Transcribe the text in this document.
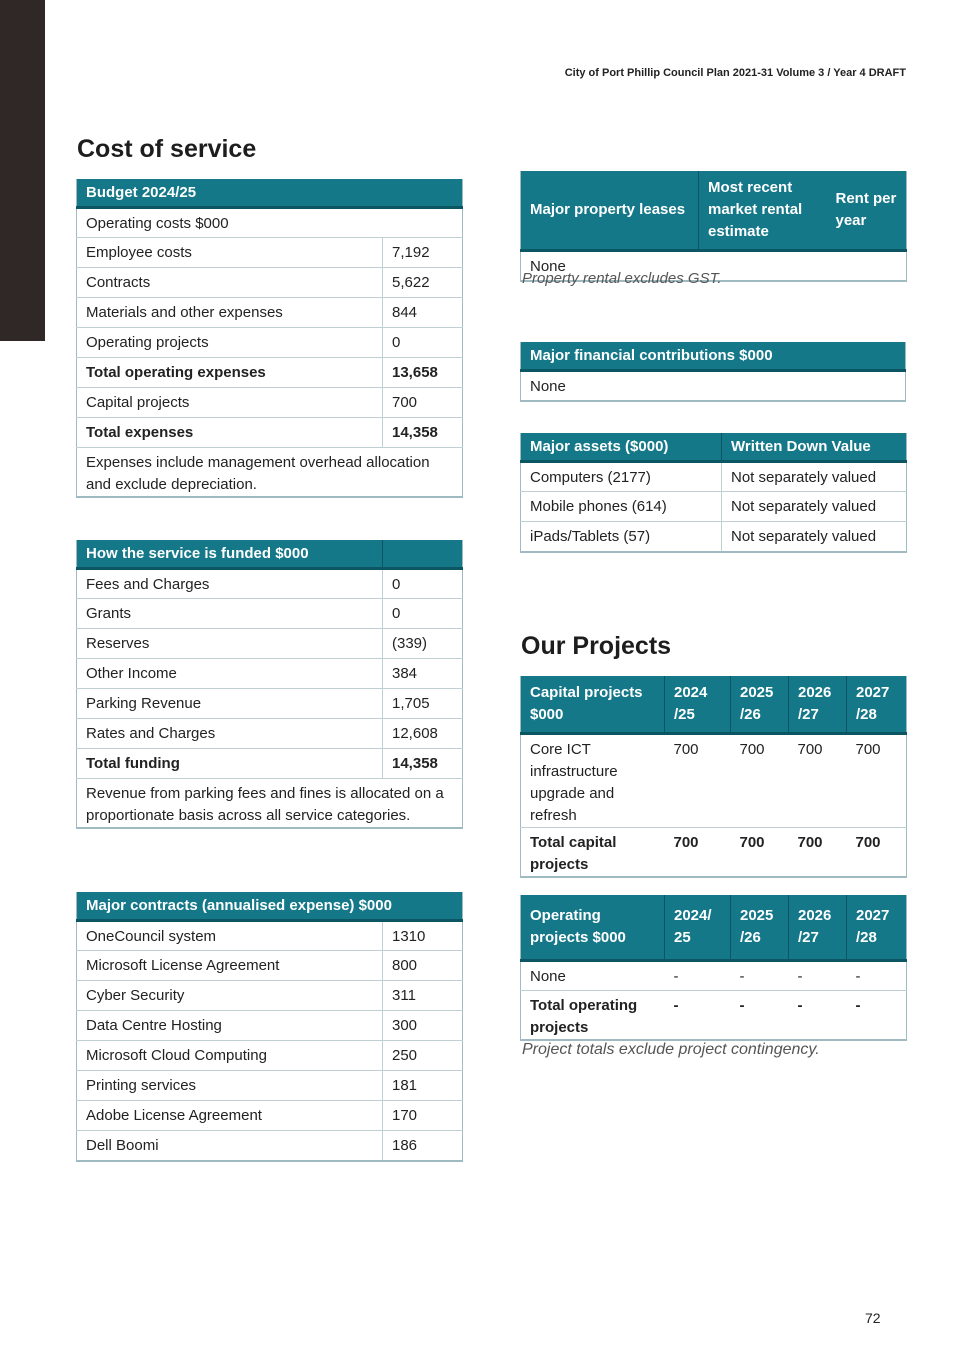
City of Port Phillip Council Plan 2021-31 Volume 3 / Year 4 DRAFT
Cost of service
Budget 2024/25	
Operating costs $000	
Employee costs	7,192
Contracts	5,622
Materials and other expenses	844
Operating projects	0
Total operating expenses	13,658
Capital projects	700
Total expenses	14,358
Expenses include management overhead allocation and exclude depreciation.	
How the service is funded $000	
Fees and Charges	0
Grants	0
Reserves	(339)
Other Income	384
Parking Revenue	1,705
Rates and Charges	12,608
Total funding	14,358
Revenue from parking fees and fines is allocated on a proportionate basis across all service categories.	
Major contracts (annualised expense) $000	
OneCouncil system	1310
Microsoft License Agreement	800
Cyber Security	311
Data Centre Hosting	300
Microsoft Cloud Computing	250
Printing services	181
Adobe License Agreement	170
Dell Boomi	186
Major property leases	Most recent market rental estimate	Rent per year
None
Property rental excludes GST.
Major financial contributions $000
None
Major assets ($000)	Written Down Value
Computers (2177)	Not separately valued
Mobile phones (614)	Not separately valued
iPads/Tablets (57)	Not separately valued
Our Projects
Capital projects $000	2024 /25	2025 /26	2026 /27	2027 /28
Core ICT infrastructure upgrade and refresh	700	700	700	700
Total capital projects	700	700	700	700
Operating projects $000	2024/ 25	2025 /26	2026 /27	2027 /28
None	-	-	-	-
Total operating projects	-	-	-	-
Project totals exclude project contingency.
72
